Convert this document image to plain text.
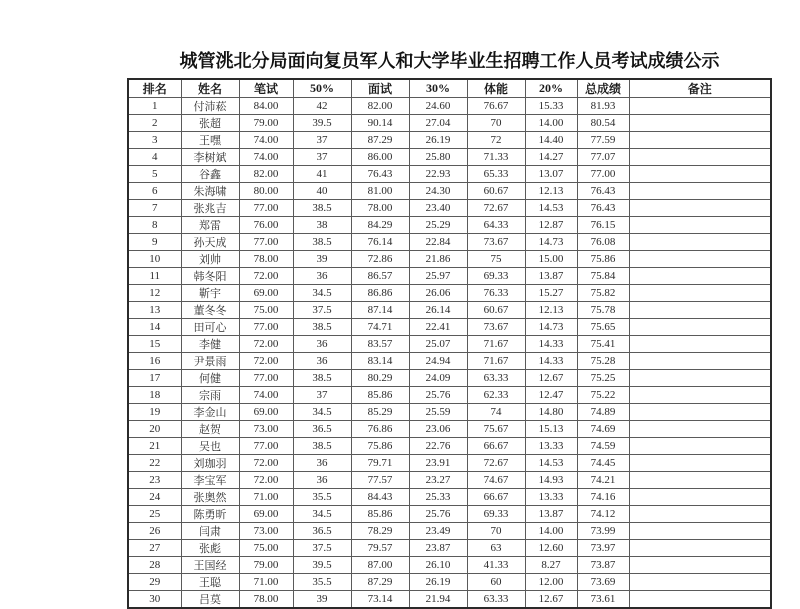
城管洮北分局面向复员军人和大学毕业生招聘工作人员考试成绩公示
排名	姓名	笔试	50%	面试	30%	体能	20%	总成绩	备注
1	付沛菘	84.00	42	82.00	24.60	76.67	15.33	81.93	
2	张超	79.00	39.5	90.14	27.04	70	14.00	80.54	
3	王嘿	74.00	37	87.29	26.19	72	14.40	77.59	
4	李树斌	74.00	37	86.00	25.80	71.33	14.27	77.07	
5	谷鑫	82.00	41	76.43	22.93	65.33	13.07	77.00	
6	朱海啸	80.00	40	81.00	24.30	60.67	12.13	76.43	
7	张兆吉	77.00	38.5	78.00	23.40	72.67	14.53	76.43	
8	郑雷	76.00	38	84.29	25.29	64.33	12.87	76.15	
9	孙天成	77.00	38.5	76.14	22.84	73.67	14.73	76.08	
10	刘帅	78.00	39	72.86	21.86	75	15.00	75.86	
11	韩冬阳	72.00	36	86.57	25.97	69.33	13.87	75.84	
12	靳宇	69.00	34.5	86.86	26.06	76.33	15.27	75.82	
13	董冬冬	75.00	37.5	87.14	26.14	60.67	12.13	75.78	
14	田可心	77.00	38.5	74.71	22.41	73.67	14.73	75.65	
15	李健	72.00	36	83.57	25.07	71.67	14.33	75.41	
16	尹景雨	72.00	36	83.14	24.94	71.67	14.33	75.28	
17	何健	77.00	38.5	80.29	24.09	63.33	12.67	75.25	
18	宗雨	74.00	37	85.86	25.76	62.33	12.47	75.22	
19	李金山	69.00	34.5	85.29	25.59	74	14.80	74.89	
20	赵贺	73.00	36.5	76.86	23.06	75.67	15.13	74.69	
21	吴也	77.00	38.5	75.86	22.76	66.67	13.33	74.59	
22	刘珈羽	72.00	36	79.71	23.91	72.67	14.53	74.45	
23	李宝军	72.00	36	77.57	23.27	74.67	14.93	74.21	
24	张奥然	71.00	35.5	84.43	25.33	66.67	13.33	74.16	
25	陈勇昕	69.00	34.5	85.86	25.76	69.33	13.87	74.12	
26	闫肃	73.00	36.5	78.29	23.49	70	14.00	73.99	
27	张彪	75.00	37.5	79.57	23.87	63	12.60	73.97	
28	王国经	79.00	39.5	87.00	26.10	41.33	8.27	73.87	
29	王聪	71.00	35.5	87.29	26.19	60	12.00	73.69	
30	吕莫	78.00	39	73.14	21.94	63.33	12.67	73.61	
